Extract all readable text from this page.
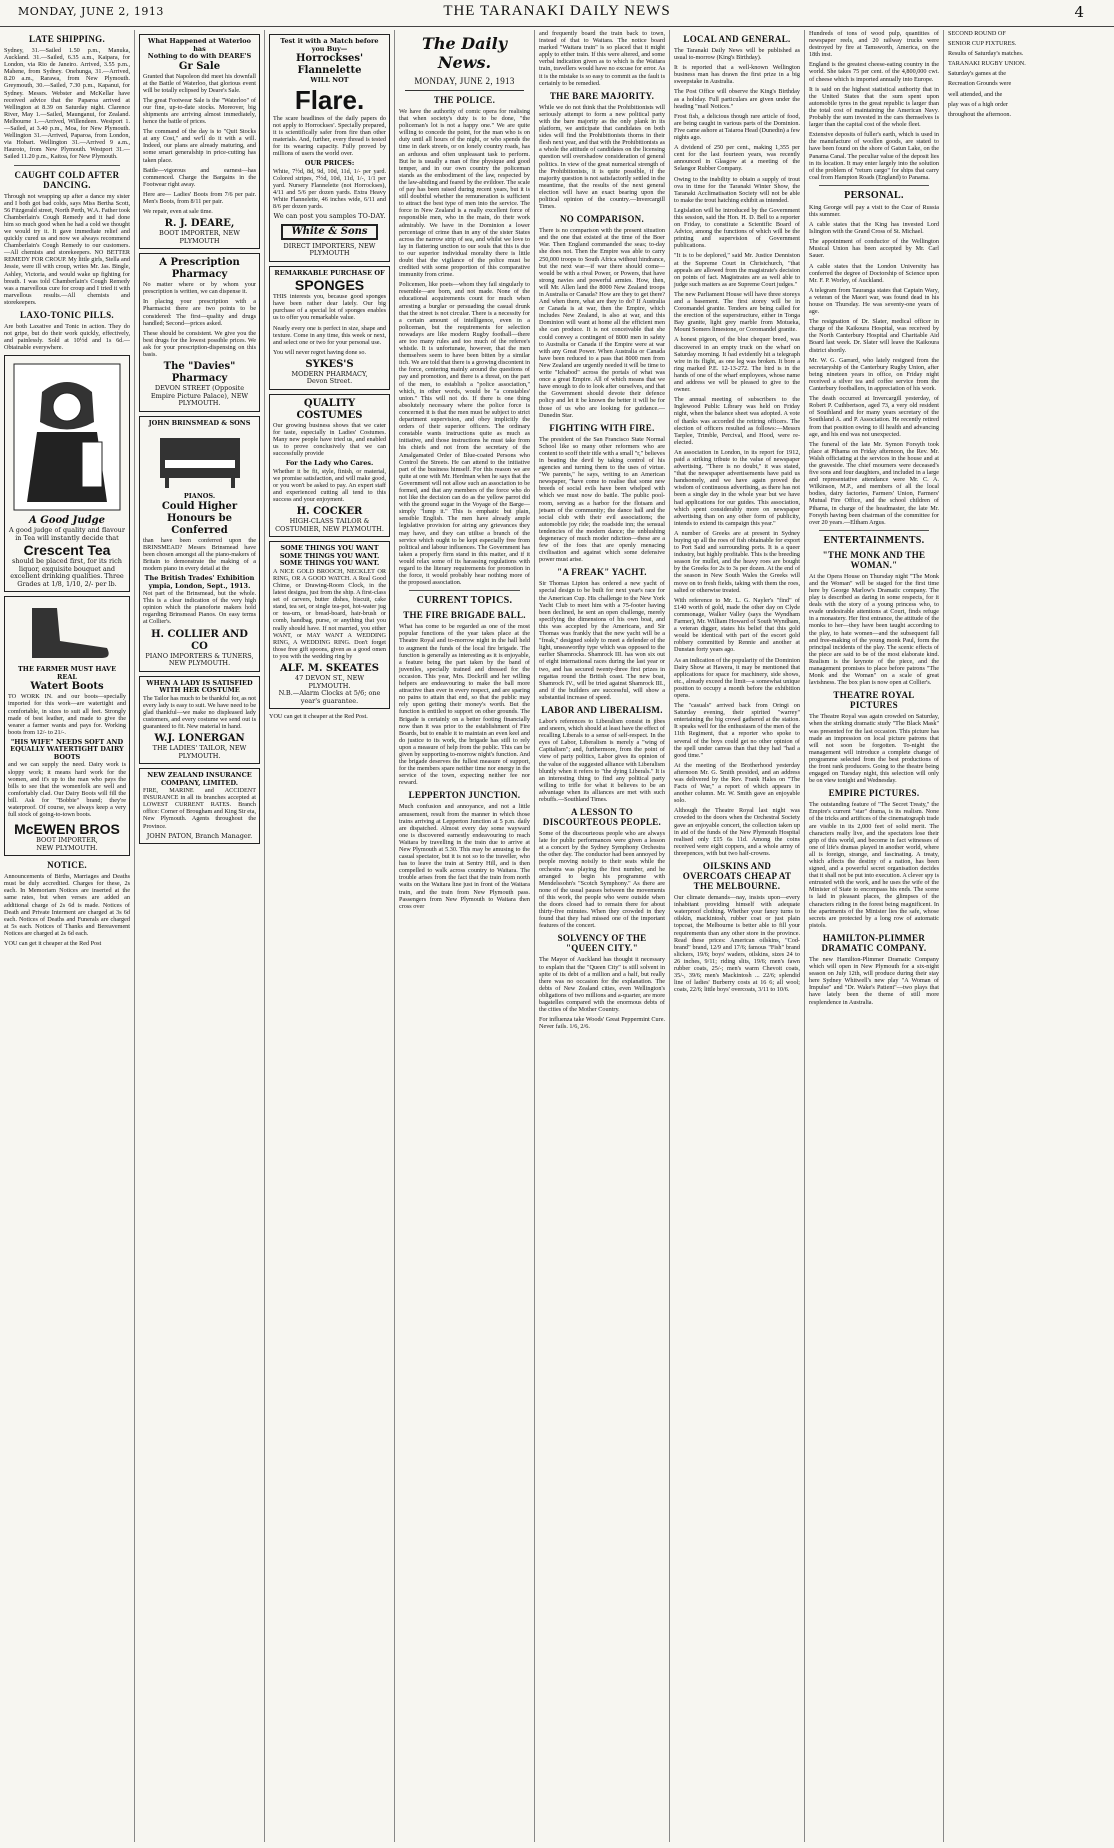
MONDAY, JUNE 2, 1913	THE TARANAKI DAILY NEWS	4
LATE SHIPPING.

Sydney, 31.—Sailed 1.50 p.m., Manuka, Auckland. 31.—Sailed, 6.35 a.m., Kaipara, for London, via Rio de Janeiro. Arrived, 3.55 p.m., Mahene, from Sydney. Onehunga, 31.—Arrived, 8.20 a.m., Rarawa, from New Plymouth. Greymouth, 30.—Sailed, 7.30 p.m., Kapanui, for Sydney. Messrs. Webster and McKellar have received advice that the Paparoa arrived at Wellington at 8.39 on Saturday night. Clarence River, May 1.—Sailed, Maunganui, for Zealand. Melbourne 1.—Arrived, Willendeen. Westport 1.—Sailed, at 3.40 p.m., Moa, for New Plymouth. Wellington 31.—Arrived, Paparoa, from London, via Hobart. Wellington 31.—Arrived 9 a.m., Hauroto, from New Plymouth. Westport 31.—Sailed 11.20 p.m., Kaitoa, for New Plymouth.

CAUGHT COLD AFTER DANCING.

Through not wrapping up after a dance my sister and I both got bad colds, says Miss Bertha Scott, 56 Fitzgerald street, North Perth, W.A. Father took Chamberlain's Cough Remedy and it had done him so much good when he had a cold we thought we would try it. It gave immediate relief and quickly cured us and now we always recommend Chamberlain's Cough Remedy to our customers.—All chemists and storekeepers. NO BETTER REMEDY FOR CROUP. My little girls, Stella and Jessie, were ill with croup, writes Mr. Jas. Bingle, Ashley, Victoria, and would wake up fighting for breath. I was told Chamberlain's Cough Remedy was a marvellous cure for croup and I tried it with marvellous results.—All chemists and storekeepers.

LAXO-TONIC PILLS.

Are both Laxative and Tonic in action. They do not gripe, but do their work quickly, effectively, and painlessly. Sold at 10½d and 1s 6d.—Obtainable everywhere.

A Good Judge
A good judge of quality and flavour in Tea will instantly decide that
Crescent Tea
should be placed first, for its rich liquor, exquisite bouquet and excellent drinking qualities. Three Grades at 1/8, 1/10, 2/- per lb.
THE FARMER MUST HAVE REAL
Watert Boots

TO WORK IN. and our boots—specially imported for this work—are watertight and comfortable, in sizes to suit all feet. Strongly made of best leather, and made to give the wearer a farmer wants and pays for. Working boots from 12/- to 21/-.

"HIS WIFE" NEEDS SOFT AND EQUALLY WATERTIGHT DAIRY BOOTS

and we can supply the need. Dairy work is sloppy work; it means hard work for the women, and it's up to the man who pays the bills to see that the womenfolk are well and comfortably clad. Our Dairy Boots will fill the bill. Ask for "Bobbie" brand; they're waterproof. Of course, we always keep a very full stock of going-to-town boots.

McEWEN BROS
BOOT IMPORTER,
NEW PLYMOUTH.
NOTICE.

Announcements of Births, Marriages and Deaths must be duly accredited. Charges for these, 2s each. In Memoriam Notices are inserted at the same rates, but when verses are added an additional charge of 2s 6d is made. Notices of Death and Private Interment are charged at 3s 6d each. Notices of Deaths and Funerals are charged at 5s each. Notices of Thanks and Bereavement Notices are charged at 2s 6d each.

YOU can get it cheaper at the Red Post

What Happened at Waterloo has
Nothing to do with DEARE'S
Gr Sale

Granted that Napoleon did meet his downfall at the Battle of Waterloo, that glorious event will be totally eclipsed by Deare's Sale.

The great Footwear Sale is the "Waterloo" of our fine, up-to-date stocks. Moreover, big shipments are arriving almost immediately, hence the battle of prices.

The command of the day is to "Quit Stocks at any Cost," and we'll do it with a will. Indeed, our plans are already maturing, and some smart generalship in price-cutting has taken place.

Battle—vigorous and earnest—has commenced. Charge the Bargains in the Footwear right away.

Here are— Ladies' Boots from 7/6 per pair. Men's Boots, from 8/11 per pair.

We repair, even at sale time.

R. J. DEARE,
BOOT IMPORTER, NEW PLYMOUTH
A Prescription Pharmacy

No matter where or by whom your prescription is written, we can dispense it.

In placing your prescription with a Pharmacist there are two points to be considered: The first—quality and drugs handled; Second—prices asked.

These should be consistent. We give you the best drugs for the lowest possible prices. We ask for your prescription-dispensing on this basis.

The "Davies" Pharmacy
DEVON STREET (Opposite Empire Picture Palace), NEW PLYMOUTH.
JOHN BRINSMEAD & SONS
PIANOS.
Could Higher Honours be Conferred

than have been conferred upon the BRINSMEAD? Messrs Brinsmead have been chosen amongst all the piano-makers of Britain to demonstrate the making of a modern piano in every detail at the

The British Trades' Exhibition ympia, London, Sept., 1913.

Not part of the Brinsmead, but the whole. This is a clear indication of the very high opinion which the pianoforte makers hold regarding Brinsmead Pianos. On easy terms at Collier's.

H. COLLIER AND CO
PIANO IMPORTERS & TUNERS, NEW PLYMOUTH.
WHEN A LADY IS SATISFIED WITH HER COSTUME

The Tailor has much to be thankful for, as not every lady is easy to suit. We have need to be glad thankful—we make no displeased lady customers, and every costume we send out is guaranteed to fit. New material in hand.

W.J. LONERGAN
THE LADIES' TAILOR, NEW PLYMOUTH.
NEW ZEALAND INSURANCE COMPANY, LIMITED.

FIRE, MARINE and ACCIDENT INSURANCE in all its branches accepted at LOWEST CURRENT RATES. Branch office: Corner of Brougham and King Str eta, New Plymouth. Agents throughout the Province.

JOHN PATON, Branch Manager.
Test it with a Match before you Buy—
Horrockses' Flannelette
WILL NOT
Flare.

The scare headlines of the daily papers do not apply to Horrockses'. Specially prepared, it is scientifically safer from fire than other materials. And, further, every thread is tested for its wearing capacity. Fully proved by millions of users the world over.

OUR PRICES:

White, 7½d, 8d, 9d, 10d, 11d, 1/- per yard. Colored stripes, 7½d, 10d, 11d, 1/-, 1/1 per yard. Nursery Flannelette (not Horrockses), 4/11 and 5/6 per dozen yards. Extra Heavy White Flannelette, 46 inches wide, 6/11 and 8/6 per dozen yards.

We can post you samples TO-DAY.
White & Sons
DIRECT IMPORTERS, NEW PLYMOUTH
REMARKABLE PURCHASE OF
SPONGES

THIS interests you, because good sponges have been rather dear lately. Our big purchase of a special lot of sponges enables us to offer you remarkable value.

Nearly every one is perfect in size, shape and texture. Come in any time, this week or next, and select one or two for your personal use.

You will never regret having done so.

SYKES'S
MODERN PHARMACY,
Devon Street.
QUALITY COSTUMES

Our growing business shows that we cater for taste, especially in Ladies' Costumes. Many new people have tried us, and enabled us to prove conclusively that we can successfully provide

For the Lady who Cares.

Whether it be fit, style, finish, or material, we promise satisfaction, and will make good, or you won't be asked to pay. An expert staff and experienced cutting all tend to this success and your enjoyment.

H. COCKER
HIGH-CLASS TAILOR & COSTUMIER, NEW PLYMOUTH.
SOME THINGS YOU WANT SOME THINGS YOU WANT. SOME THINGS YOU WANT.

A NICE GOLD BROOCH, NECKLET OR RING, OR A GOOD WATCH. A Real Good Chime, or Drawing-Room Clock, in the latest designs, just from the ship. A first-class set of carvers, butter dishes, biscuit, cake stand, tea set, or single tea-pot, hot-water jug or tea-urn, or bread-board, hair-brush or comb, handbag, purse, or anything that you really should have. If not married, you either WANT, or MAY WANT A WEDDING RING, A WEDDING RING. Don't forget those free gift spoons, given as a good omen to you with the wedding ring by

ALF. M. SKEATES
47 DEVON ST., NEW PLYMOUTH.
N.B.—Alarm Clocks at 5/6; one year's guarantee.

YOU can get it cheaper at the Red Post.

The Daily News.
MONDAY, JUNE 2, 1913
THE POLICE.

We have the authority of comic opera for realising that when society's duty is to be done, "the policeman's lot is not a happy one." We are quite willing to concede the point, for the man who is on duty until all hours of the night, or who spends the time in dark streets, or on lonely country roads, has an arduous and often unpleasant task to perform. But he is usually a man of fine physique and good temper, and in our own country the policeman stands as the embodiment of the law, respected by the law-abiding and feared by the evildoer. The scale of pay has been raised during recent years, but it is still doubtful whether the remuneration is sufficient to attract the best type of men into the service. The force in New Zealand is a really excellent force of responsible men, who in the main, do their work admirably. We have in the Dominion a lower percentage of crime than in any of the sister States across the narrow strip of sea, and whilst we love to lay in flattering unction to our souls that this is due to our superior individual morality there is little doubt that the vigilance of the police must be credited with some proportion of this comparative immunity from crime.

Policemen, like poets—whom they fail singularly to resemble—are born, and not made. None of the educational acquirements count for much when arresting a burglar or persuading the casual drunk that the street is not circular. There is a necessity for a certain amount of intelligence, even in a policeman, but the requirements for selection nowadays are like modern Rugby football—there are too many rules and too much of the referee's whistle. It is unfortunate, however, that the men themselves seem to have been bitten by a similar itch. We are told that there is a growing discontent in the force, centering mainly around the questions of pay and promotion, and there is a threat, on the part of the men, to establish a "police association," which, in other words, would be "a constables' union." This will not do. If there is one thing absolutely necessary where the police force is concerned it is that the men must be subject to strict department supervision, and obey implicitly the orders of their superior officers. The ordinary constable wants instructions quite as much as initiative, and those instructions he must take from his chiefs and not from the secretary of the Amalgamated Order of Blue-coated Persons who Control the Streets. He can attend to the initiative part of the business himself. For this reason we are quite at one with Mr. Herdman when he says that the Government will not allow such an association to be formed, and that any members of the force who do not like the decision can do as the yellow parrot did with the ground sugar in the Voyage of the Barge—simply "lump it." This is emphatic but plain, sensible English. The men have already ample legislative provision for airing any grievances they may have, and they can utilise a branch of the service which ought to be kept especially free from political and labour influences. The Government has taken a properly firm stand in this matter, and if it would relax some of its harassing regulations with regard to the literary requirements for promotion in the force, it would probably hear nothing more of the proposed association.

CURRENT TOPICS.
THE FIRE BRIGADE BALL.

What has come to be regarded as one of the most popular functions of the year takes place at the Theatre Royal and to-morrow night in the hall held to augment the funds of the local fire brigade. The function is generally as interesting as it is enjoyable, a feature being the part taken by the band of juveniles, specially trained and dressed for the occasion. This year, Mrs. Dockrill and her willing helpers are endeavouring to make the ball more attractive than ever in every respect, and are sparing no pains to attain that end, so that the public may rely upon getting their money's worth. But the function is entitled to support on other grounds. The Brigade is certainly on a better footing financially now than it was prior to the establishment of Fire Boards, but to enable it to maintain an even keel and do justice to its work, the brigade has still to rely upon a measure of help from the public. This can be given by supporting to-morrow night's function. And the brigade deserves the fullest measure of support, for the members spare neither time nor energy in the service of the town, expecting neither fee nor reward.

LEPPERTON JUNCTION.

Much confusion and annoyance, and not a little amusement, result from the manner in which those trains arriving at Lepperton Junction at 5 p.m. daily are dispatched. Almost every day some wayward one is discovered earnestly endeavouring to reach Waitara by travelling in the train due to arrive at New Plymouth at 5.30. This may be amusing to the casual spectator, but it is not so to the traveller, who has to leave the train at Sentry Hill, and is then compelled to walk across country to Waitara. The trouble arises from the fact that the train from north waits on the Waitara line just in front of the Waitara train, and the train from New Plymouth pass. Passengers from New Plymouth to Waitara then cross over

and frequently board the train back to town, instead of that to Waitara. The notice board marked "Waitara train" is so placed that it might apply to either train. If this were altered, and some verbal indication given as to which is the Waitara train, travellers would have no excuse for error. As it is the mistake is so easy to commit as the fault is certainly to be remedied.

THE BARE MAJORITY.

While we do not think that the Prohibitionists will seriously attempt to form a new political party with the bare majority as the only plank in its platform, we anticipate that candidates on both sides will find the Prohibitionists thorns in their flesh next year, and that with the Prohibitionists as a whole the attitude of candidates on the licensing question will overshadow consideration of general politics. In view of the great numerical strength of the Prohibitionists, it is quite possible, if the majority question is not satisfactorily settled in the meantime, that the results of the next general election will have an exact bearing upon the political opinion of the country.—Invercargill Times.

NO COMPARISON.

There is no comparison with the present situation and the one that existed at the time of the Boer War. Then England commanded the seas; to-day she does not. Then the Empire was able to carry 250,000 troops to South Africa without hindrance, but the next war—if war there should come—would be with a rival Power, or Powers, that have strong navies and powerful armies. How, then, will Mr. Allen land the 8000 New Zealand troops in Australia or Canada? How are they to get there? And when there, what are they to do? If Australia or Canada is at war, then the Empire, which includes New Zealand, is also at war, and this Dominion will want at home all the efficient men she can produce. It is not conceivable that she could convey a contingent of 8000 men in safety to Australia or Canada if the Empire were at war with any Great Power. When Australia or Canada have been reduced to a pass that 8000 men from New Zealand are urgently needed it will be time to write "Ichabod" across the portals of what was once a great Empire. All of which means that we have enough to do to look after ourselves, and that the Government should devote their defence policy and let it be known the better it will be for those of us who are looking for guidance.—Dunedin Star.

FIGHTING WITH FIRE.

The president of the San Francisco State Normal School like so many other reformers who are content to scoff their title with a small "r," believes in beating the devil by taking control of his agencies and turning them to the uses of virtue. "We parents," he says, writing to an American newspaper, "have come to realise that some new breeds of social evils have been whelped with which we must now do battle. The public pool-room, serving as a harbor for the flotsam and jetsam of the community; the dance hall and the social club with their evil associations; the automobile joy ride; the roadside inn; the sensual tendencies of the modern dance; the unblushing degeneracy of much moder ndiction—these are a few of the foes that are openly menacing civilisation and against which some defensive power must arise.

"A FREAK" YACHT.

Sir Thomas Lipton has ordered a new yacht of special design to be built for next year's race for the American Cup. His challenge to the New York Yacht Club to meet him with a 75-footer having been declined, he sent an open challenge, merely specifying the dimensions of his own boat, and this was accepted by the Americans, and Sir Thomas was frankly that the new yacht will be a "freak," designed solely to meet a defender of the light, unseaworthy type which was opposed to the earlier Shamrocks. Shamrock III. has won six out of eight international races during the last year or two, and has secured twenty-three first prizes in regattas round the British coast. The new boat, Shamrock IV., will be tried against Shamrock III., and if the builders are successful, will show a substantial increase of speed.

LABOR AND LIBERALISM.

Labor's references to Liberalism consist in jibes and sneers, which should at least have the effect of recalling Liberals to a sense of self-respect. In the eyes of Labor, Liberalism is merely a "wing of Capitalism"; and, furthermore, from the point of view of party politics, Labor gives its opinion of the value of the suggested alliance with Liberalism bluntly when it refers to "the dying Liberals." It is an interesting thing to find any political party willing to trifle for what it believes to be an advantage when its alliances are met with such rebuffs.—Southland Times.

A LESSON TO DISCOURTEOUS PEOPLE.

Some of the discourteous people who are always late for public performances were given a lesson at a concert by the Sydney Symphony Orchestra the other day. The conductor had been annoyed by people moving noisily to their seats while the orchestra was playing the first number, and he arranged to begin his programme with Mendelssohn's "Scotch Symphony." As there are none of the usual pauses between the movements of this work, the people who were outside when the doors closed had to remain there for about thirty-five minutes. When they crowded in they found that they had missed one of the important features of the concert.

SOLVENCY OF THE "QUEEN CITY."

The Mayor of Auckland has thought it necessary to explain that the "Queen City" is still solvent in spite of its debt of a million and a half, but really there was no occasion for the explanation. The debts of New Zealand cities, even Wellington's obligations of two millions and a-quarter, are more bagatelles compared with the enormous debts of the cities of the Mother Country.

For influenza take Woods' Great Peppermint Cure. Never fails. 1/6, 2/6.

LOCAL AND GENERAL.

The Taranaki Daily News will be published as usual to-morrow (King's Birthday).

It is reported that a well-known Wellington business man has drawn the first prize in a big sweepstake in Australia.

The Post Office will observe the King's Birthday as a holiday. Full particulars are given under the heading "mail Notices."

Frost fish, a delicious though rare article of food, are being caught in various parts of the Dominion. Five came ashore at Taiaroa Head (Dunedin) a few nights ago.

A dividend of 250 per cent., making 1,355 per cent for the last fourteen years, was recently announced in Glasgow at a meeting of the Selangor Rubber Company.

Owing to the inability to obtain a supply of trout ova in time for the Taranaki Winter Show, the Taranaki Acclimatisation Society will not be able to make the trout hatching exhibit as intended.

Legislation will be introduced by the Government this session, said the Hon. H. D. Bell to a reporter on Friday, to constitute a Scientific Board of Advice, among the functions of which will be the printing and supervision of Government publications.

"It is to be deplored," said Mr. Justice Denniston at the Supreme Court in Christchurch, "that appeals are allowed from the magistrate's decision on points of fact. Magistrates are as well able to judge such matters as are Supreme Court judges."

The new Parliament House will have three storeys and a basement. The first storey will be in Coromandel granite. Tenders are being called for the erection of the superstructure, either in Tonga Bay granite, light grey marble from Motueka, Mount Somers limestone, or Coromandel granite.

A honest pigeon, of the blue chequer breed, was discovered in an empty truck on the wharf on Saturday morning. It had evidently hit a telegraph wire in its flight, as one leg was broken. It bore a ring marked P.E. 12-13-272. The bird is in the hands of one of the wharf employees, whose name and address we will be pleased to give to the owner.

The annual meeting of subscribers to the Inglewood Public Library was held on Friday night, when the balance sheet was adopted. A vote of thanks was accorded the retiring officers. The election of officers resulted as follows:—Messrs Tarplee, Trimble, Percival, and Hood, were re-elected.

An association in London, in its report for 1912, paid a striking tribute to the value of newspaper advertising. "There is no doubt," it was stated, "that the newspaper advertisements have paid us handsomely, and we have again proved the wisdom of continuous advertising, as there has not been a single day in the whole year but we have had applications for our guides. This association, which spent considerably more on newspaper advertising than on any other form of publicity, intends to extend its campaign this year."

A number of Greeks are at present in Sydney buying up all the roes of fish obtainable for export to Port Said and surrounding ports. It is a queer industry, but highly profitable. This is the breeding season for mullet, and the heavy roes are bought by the Greeks for 2s to 3s per dozen. At the end of the season in New South Wales the Greeks will move on to fresh fields, taking with them the roes, salted or otherwise treated.

With reference to Mr. L. G. Nayler's "find" of £140 worth of gold, made the other day on Clyde commonage, Walker Valley (says the Wyndham Farmer), Mr. William Howard of South Wyndham, a veteran digger, states his belief that this gold would be identical with part of the escort gold robbery committed by Rennie and another at Dunstan forty years ago.

As an indication of the popularity of the Dominion Dairy Show at Hawera, it may be mentioned that applications for space for machinery, side shows, etc., already exceed the limit—a somewhat unique position to occupy a month before the exhibition opens.

The "casuals" arrived back from Oringi on Saturday evening, their spirited "warrey" entertaining the big crowd gathered at the station. It speaks well for the enthusiasm of the men of the 11th Regiment, that a reporter who spoke to several of the boys could get no other opinion of the spell under canvas than that they had "had a good time."

At the meeting of the Brotherhood yesterday afternoon Mr. G. Smith presided, and an address was delivered by the Rev. Frank Hales on "The Facts of War," a report of which appears in another column. Mr. W. Smith gave an enjoyable solo.

Although the Theatre Royal last night was crowded to the doors when the Orchestral Society gave an enjoyable concert, the collection taken up in aid of the funds of the New Plymouth Hospital realised only £15 6s 11d. Among the coins received were eight coppers, and a whole army of threepences, with but two half-crowns.

OILSKINS AND OVERCOATS CHEAP AT THE MELBOURNE.

Our climate demands—nay, insists upon—every inhabitant providing himself with adequate waterproof clothing. Whether your fancy turns to oilskin, mackintosh, rubber coat or just plain topcoat, the Melbourne is better able to fill your requirements than any other store in the province. Read these prices: American oilskins, "Cod-brand" brand, 12/9 and 17/6; famous "Fish" brand slickers, 19/6; boys' waders, oilskins, sizes 24 to 26 inches, 9/11; riding slits, 19/6; men's fawn rubber coats, 25/-; men's warm Chevoit coats, 35/-, 39/6; men's Mackintosh ... 22/6; splendid line of ladies' Burberry costs at 16 6; all wool; coats, 22/6; little boys' overcoats, 3/11 to 10/6.

Hundreds of tons of wood pulp, quantities of newspaper reels, and 20 railway trucks were destroyed by fire at Tamsworth, America, on the 18th inst.

England is the greatest cheese-eating country in the world. She takes 75 per cent. of the 4,800,000 cwt. of cheese which is imported annually into Europe.

It is said on the highest statistical authority that in the United States that the sum spent upon automobile tyres in the great republic is larger than the total cost of maintaining the American Navy. Probably the sum invested in the cars themselves is larger than the capital cost of the whole fleet.

Extensive deposits of fuller's earth, which is used in the manufacture of woollen goods, are stated to have been found on the shore of Gatun Lake, on the Panama Canal. The peculiar value of the deposit lies in its location. It may enter largely into the solution of the problem of "return cargo" for ships that carry coal from Hampton Roads (England) to Panama.

PERSONAL.

King George will pay a visit to the Czar of Russia this summer.

A cable states that the King has invested Lord Islington with the Grand Cross of St. Michael.

The appointment of conductor of the Wellington Musical Union has been accepted by Mr. Carl Sauer.

A cable states that the London University has conferred the degree of Doctorship of Science upon Mr. F. P. Worley, of Auckland.

A telegram from Tauranga states that Captain Wary, a veteran of the Maori war, was found dead in his house on Thursday. He was seventy-one years of age.

The resignation of Dr. Slater, medical officer in charge of the Kaikoura Hospital, was received by the North Canterbury Hospital and Charitable Aid Board last week. Dr. Slater will leave the Kaikoura district shortly.

Mr. W. G. Garrard, who lately resigned from the secretaryship of the Canterbury Rugby Union, after being nineteen years in office, on Friday night received a silver tea and coffee service from the Canterbury footballers, in appreciation of his work.

The death occurred at Invercargill yesterday, of Robert P. Cuthbertson, aged 73, a very old resident of Southland and for many years secretary of the Southland A. and P. Association. He recently retired from that position owing to ill health and advancing age, and his end was not unexpected.

The funeral of the late Mr. Symon Forsyth took place at Pihama on Friday afternoon, the Rev. Mr. Walsh officiating at the services in the house and at the graveside. The chief mourners were deceased's five sons and four daughters, and included in a large and representative attendance were Mr. C. A. Wilkinson, M.P., and members of all the local bodies, dairy factories, Farmers' Union, Farmers' Mutual Fire Office, and the school children of Pihama, in charge of the headmaster, the late Mr. Forsyth having been chairman of the committee for over 20 years.—Eltham Argus.

ENTERTAINMENTS.
"THE MONK AND THE WOMAN."

At the Opera House on Thursday night "The Monk and the Woman" will be staged for the first time here by George Marlow's Dramatic company. The play is described as daring in some respects, for it deals with the story of a young princess who, to evade undesirable attentions at Court, finds refuge in a monastery. Her first entrance, the attitude of the monks to her—they have been taught according to the play, to hate women—and the subsequent fall and free-making of the young monk Paul, form the principal incidents of the play. The scenic effects of the piece are said to be of the most elaborate kind. Realism is the keynote of the piece, and the management promises to place before patrons "The Monk and the Woman" on a scale of great lavishness. The box plan is now open at Collier's.

THEATRE ROYAL PICTURES

The Theatre Royal was again crowded on Saturday, when the striking dramatic study "The Black Mask" was presented for the last occasion. This picture has made an impression on local picture patrons that will not soon be forgotten. To-night the management will introduce a complete change of programme selected from the best productions of the front rank producers. Going to the theatre being engaged on Tuesday night, this selection will only be on view tonight and Wednesday.

EMPIRE PICTURES.

The outstanding feature of "The Secret Treaty," the Empire's current "star" drama, is its realism. None of the tricks and artifices of the cinematograph trade are visible in its 2,000 feet of solid merit. The characters really live, and the spectators lose their grip of this world, and become in fact witnesses of one of life's dramas played in another world, where all is foreign, strange, and fascinating. A treaty, which affects the destiny of a nation, has been signed, and a powerful secret organisation decides that it shall not be put into execution. A clever spy is entrusted with the work, and he uses the wife of the Minister of State to encompass his ends. The scene is laid in pleasant places, the glimpses of the characters riding in the forest being magnificent. In the apartments of the Minister lies the safe, whose secrets are protected by a long row of automatic pistols.

HAMILTON-PLIMMER DRAMATIC COMPANY.

The new Hamilton-Plimmer Dramatic Company which will open in New Plymouth for a six-night season on July 12th, will produce during their stay here Sydney Whitwell's new play "A Woman of Impulse" and "Dr. Wake's Patient"—two plays that have lately been the theme of still more resplendence in Australia.

SECOND ROUND OF

SENIOR CUP FIXTURES.

Results of Saturday's matches.

TARANAKI RUGBY UNION.

Saturday's games at the

Recreation Grounds were

well attended, and the

play was of a high order

throughout the afternoon.
